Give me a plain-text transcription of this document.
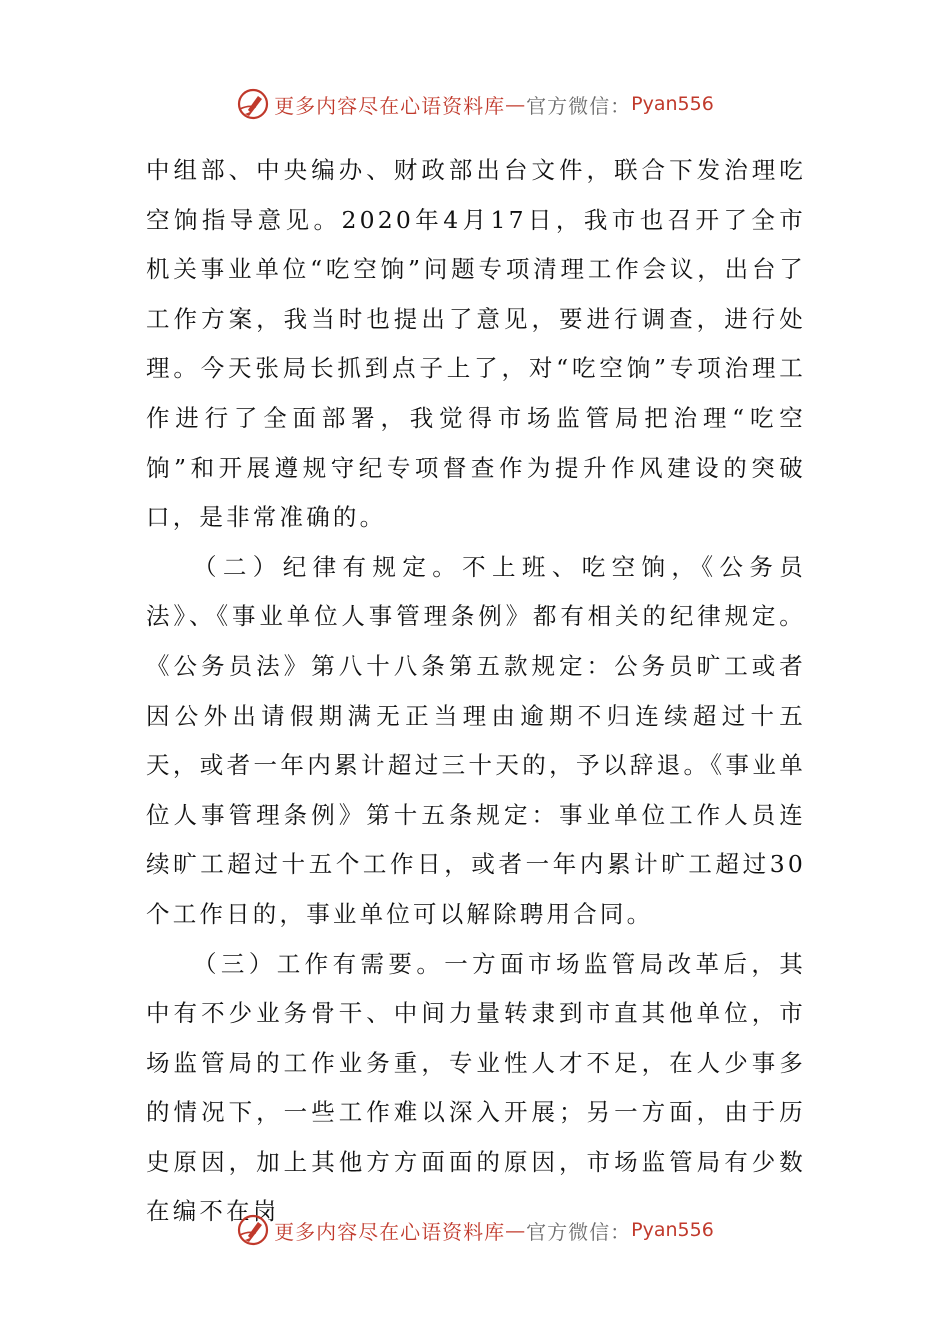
更多内容尽在心语资料库 — 官方微信： Pyan556

中组部、中央编办、财政部出台文件，联合下发治理吃空饷指导意见。2020年4月17日，我市也召开了全市机关事业单位“吃空饷”问题专项清理工作会议，出台了工作方案，我当时也提出了意见，要进行调查，进行处理。今天张局长抓到点子上了，对“吃空饷”专项治理工作进行了全面部署，我觉得市场监管局把治理“吃空饷”和开展遵规守纪专项督查作为提升作风建设的突破口，是非常准确的。

（二）纪律有规定。不上班、吃空饷，《公务员法》、《事业单位人事管理条例》都有相关的纪律规定。《公务员法》第八十八条第五款规定：公务员旷工或者因公外出请假期满无正当理由逾期不归连续超过十五天，或者一年内累计超过三十天的，予以辞退。《事业单位人事管理条例》第十五条规定：事业单位工作人员连续旷工超过十五个工作日，或者一年内累计旷工超过30个工作日的，事业单位可以解除聘用合同。

（三）工作有需要。一方面市场监管局改革后，其中有不少业务骨干、中间力量转隶到市直其他单位，市场监管局的工作业务重，专业性人才不足，在人少事多的情况下，一些工作难以深入开展；另一方面，由于历史原因，加上其他方方面面的原因，市场监管局有少数在编不在岗

更多内容尽在心语资料库 — 官方微信： Pyan556
